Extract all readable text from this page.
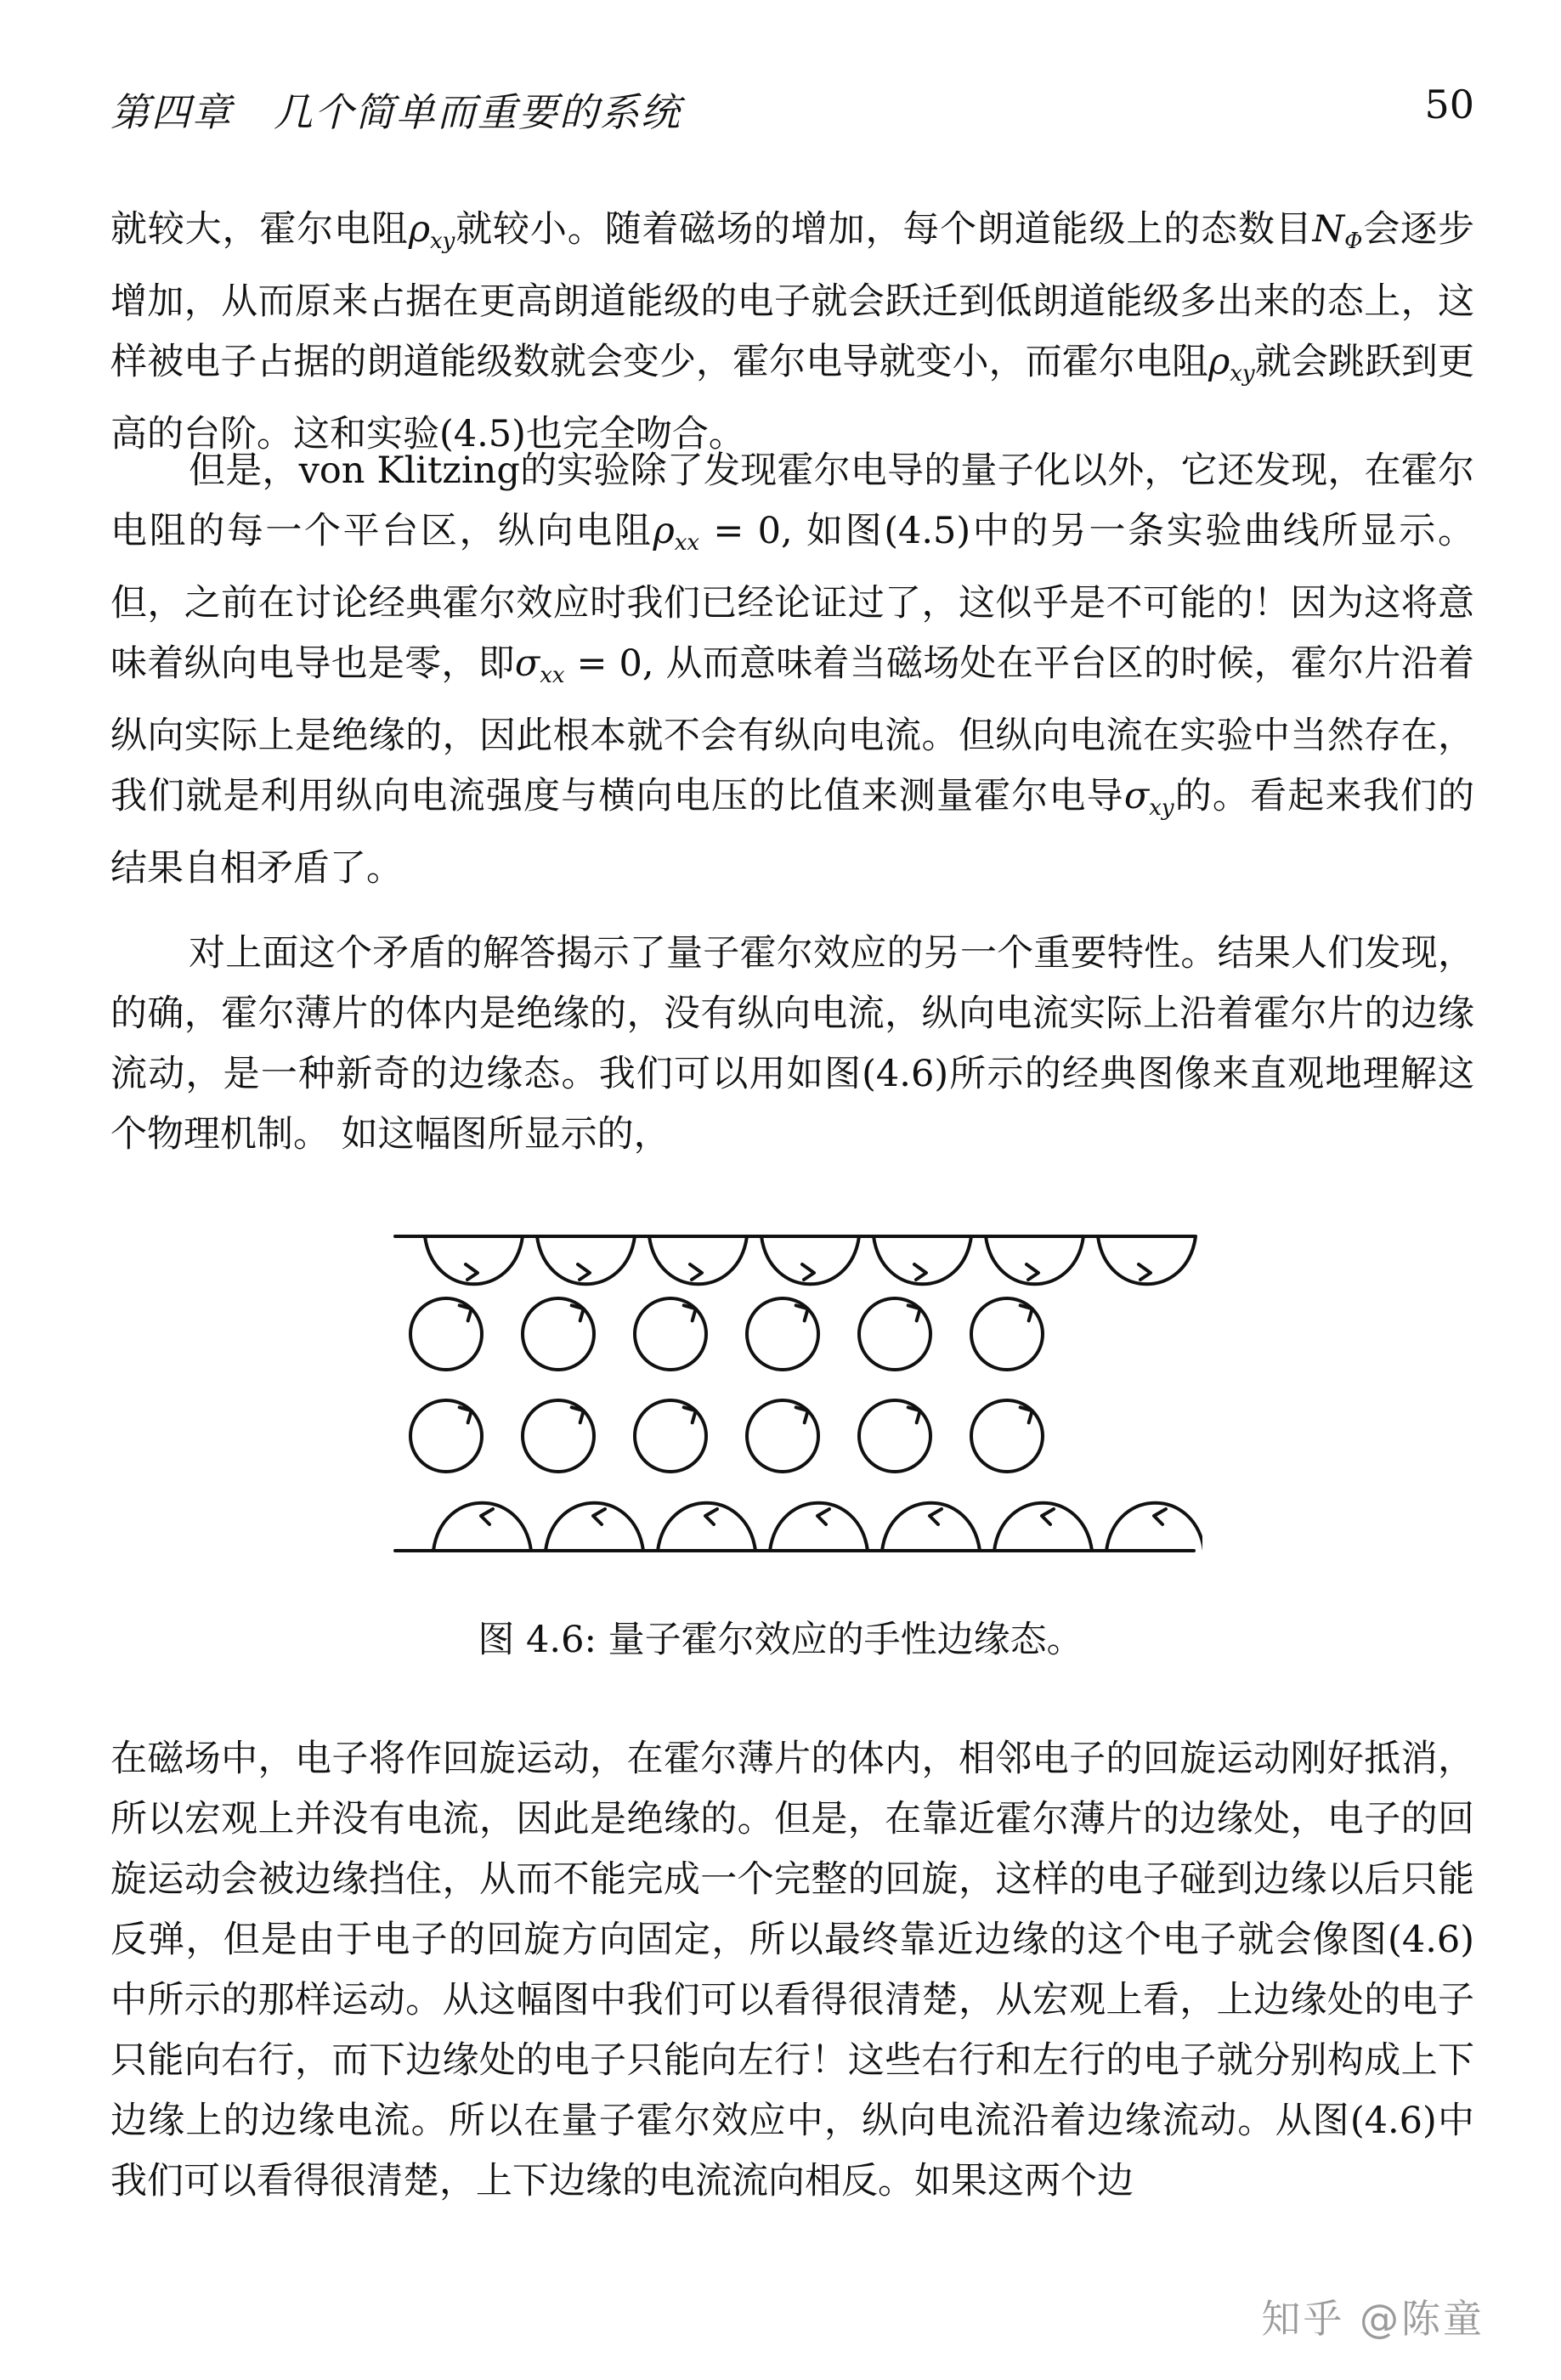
第四章　几个简单而重要的系统	50

就较大，霍尔电阻$\rho_{xy}$就较小。随着磁场的增加，每个朗道能级上的态数目$N_\Phi$会逐步增加，从而原来占据在更高朗道能级的电子就会跃迁到低朗道能级多出来的态上，这样被电子占据的朗道能级数就会变少，霍尔电导就变小，而霍尔电阻$\rho_{xy}$就会跳跃到更高的台阶。这和实验(4.5)也完全吻合。

但是，von Klitzing的实验除了发现霍尔电导的量子化以外，它还发现，在霍尔电阻的每一个平台区，纵向电阻$\rho_{xx} = 0$, 如图(4.5)中的另一条实验曲线所显示。但，之前在讨论经典霍尔效应时我们已经论证过了，这似乎是不可能的！因为这将意味着纵向电导也是零，即$\sigma_{xx} = 0$, 从而意味着当磁场处在平台区的时候，霍尔片沿着纵向实际上是绝缘的，因此根本就不会有纵向电流。但纵向电流在实验中当然存在，我们就是利用纵向电流强度与横向电压的比值来测量霍尔电导$\sigma_{xy}$的。看起来我们的结果自相矛盾了。

对上面这个矛盾的解答揭示了量子霍尔效应的另一个重要特性。结果人们发现，的确，霍尔薄片的体内是绝缘的，没有纵向电流，纵向电流实际上沿着霍尔片的边缘流动，是一种新奇的边缘态。我们可以用如图(4.6)所示的经典图像来直观地理解这个物理机制。 如这幅图所显示的，

图 4.6: 量子霍尔效应的手性边缘态。

在磁场中，电子将作回旋运动，在霍尔薄片的体内，相邻电子的回旋运动刚好抵消，所以宏观上并没有电流，因此是绝缘的。但是，在靠近霍尔薄片的边缘处，电子的回旋运动会被边缘挡住，从而不能完成一个完整的回旋，这样的电子碰到边缘以后只能反弹，但是由于电子的回旋方向固定，所以最终靠近边缘的这个电子就会像图(4.6)中所示的那样运动。从这幅图中我们可以看得很清楚，从宏观上看，上边缘处的电子只能向右行，而下边缘处的电子只能向左行！这些右行和左行的电子就分别构成上下边缘上的边缘电流。所以在量子霍尔效应中，纵向电流沿着边缘流动。从图(4.6)中我们可以看得很清楚，上下边缘的电流流向相反。如果这两个边

知乎 @陈童
